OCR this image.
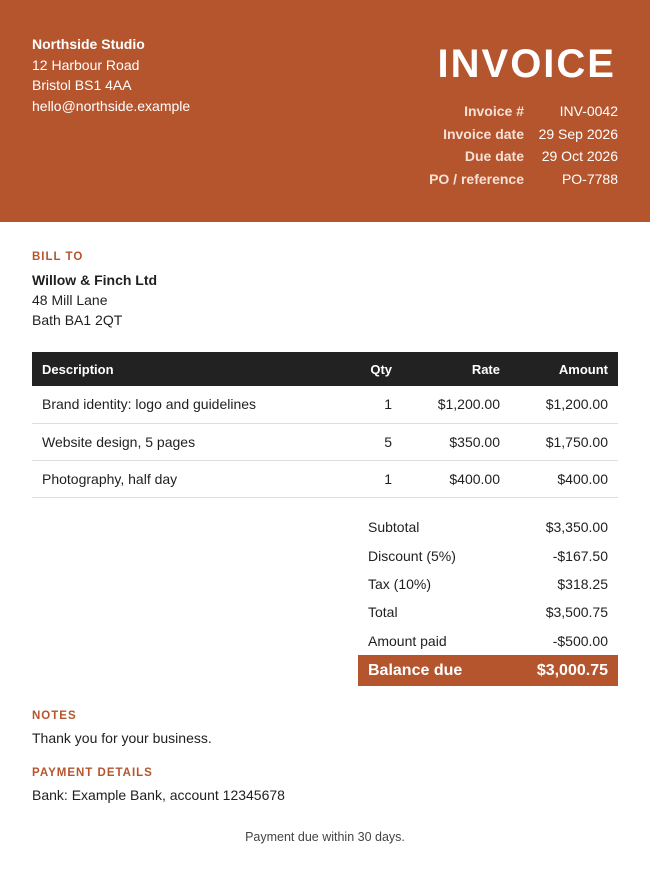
Northside Studio
12 Harbour Road
Bristol BS1 4AA
hello@northside.example
INVOICE
Invoice #	INV-0042
Invoice date	29 Sep 2026
Due date	29 Oct 2026
PO / reference	PO-7788
BILL TO
Willow & Finch Ltd
48 Mill Lane
Bath BA1 2QT
Description	Qty	Rate	Amount
Brand identity: logo and guidelines	1	$1,200.00	$1,200.00
Website design, 5 pages	5	$350.00	$1,750.00
Photography, half day	1	$400.00	$400.00
Subtotal	$3,350.00
Discount (5%)	-$167.50
Tax (10%)	$318.25
Total	$3,500.75
Amount paid	-$500.00
Balance due	$3,000.75
NOTES
Thank you for your business.
PAYMENT DETAILS
Bank: Example Bank, account 12345678
Payment due within 30 days.
